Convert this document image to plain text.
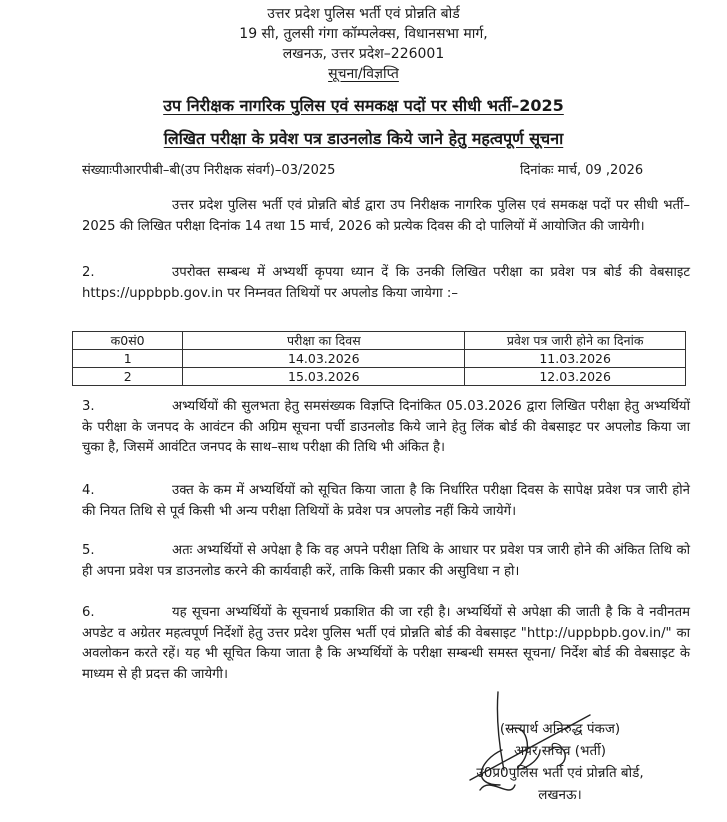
उत्तर प्रदेश पुलिस भर्ती एवं प्रोन्नति बोर्ड
19 सी, तुलसी गंगा कॉम्पलेक्स, विधानसभा मार्ग,
लखनऊ, उत्तर प्रदेश–226001
सूचना/विज्ञप्ति
उप निरीक्षक नागरिक पुलिस एवं समकक्ष पदों पर सीधी भर्ती–2025
लिखित परीक्षा के प्रवेश पत्र डाउनलोड किये जाने हेतु महत्वपूर्ण सूचना
संख्याःपीआरपीबी–बी(उप निरीक्षक संवर्ग)–03/2025	दिनांकः मार्च, 09 ,2026
उत्तर प्रदेश पुलिस भर्ती एवं प्रोन्नति बोर्ड द्वारा उप निरीक्षक नागरिक पुलिस एवं समकक्ष पदों पर सीधी भर्ती–2025 की लिखित परीक्षा दिनांक 14 तथा 15 मार्च, 2026 को प्रत्येक दिवस की दो पालियों में आयोजित की जायेगी।
2.	उपरोक्त सम्बन्ध में अभ्यर्थी कृपया ध्यान दें कि उनकी लिखित परीक्षा का प्रवेश पत्र बोर्ड की वेबसाइट https://uppbpb.gov.in पर निम्नवत तिथियों पर अपलोड किया जायेगा :–
क0सं0	परीक्षा का दिवस	प्रवेश पत्र जारी होने का दिनांक
1	14.03.2026	11.03.2026
2	15.03.2026	12.03.2026
3.	अभ्यर्थियों की सुलभता हेतु समसंख्यक विज्ञप्ति दिनांकित 05.03.2026 द्वारा लिखित परीक्षा हेतु अभ्यर्थियों के परीक्षा के जनपद के आवंटन की अग्रिम सूचना पर्ची डाउनलोड किये जाने हेतु लिंक बोर्ड की वेबसाइट पर अपलोड किया जा चुका है, जिसमें आवंटित जनपद के साथ–साथ परीक्षा की तिथि भी अंकित है।
4.	उक्त के कम में अभ्यर्थियों को सूचित किया जाता है कि निर्धारित परीक्षा दिवस के सापेक्ष प्रवेश पत्र जारी होने की नियत तिथि से पूर्व किसी भी अन्य परीक्षा तिथियों के प्रवेश पत्र अपलोड नहीं किये जायेगें।
5.	अतः अभ्यर्थियों से अपेक्षा है कि वह अपने परीक्षा तिथि के आधार पर प्रवेश पत्र जारी होने की अंकित तिथि को ही अपना प्रवेश पत्र डाउनलोड करने की कार्यवाही करें, ताकि किसी प्रकार की असुविधा न हो।
6.	यह सूचना अभ्यर्थियों के सूचनार्थ प्रकाशित की जा रही है। अभ्यर्थियों से अपेक्षा की जाती है कि वे नवीनतम अपडेट व अग्रेतर महत्वपूर्ण निर्देशों हेतु उत्तर प्रदेश पुलिस भर्ती एवं प्रोन्नति बोर्ड की वेबसाइट "http://uppbpb.gov.in/" का अवलोकन करते रहें। यह भी सूचित किया जाता है कि अभ्यर्थियों के परीक्षा सम्बन्धी समस्त सूचना/ निर्देश बोर्ड की वेबसाइट के माध्यम से ही प्रदत्त की जायेगी।
(सत्यार्थ अनिरुद्ध पंकज)
अपर सचिव (भर्ती)
उ0प्र0पुलिस भर्ती एवं प्रोन्नति बोर्ड,
लखनऊ।
